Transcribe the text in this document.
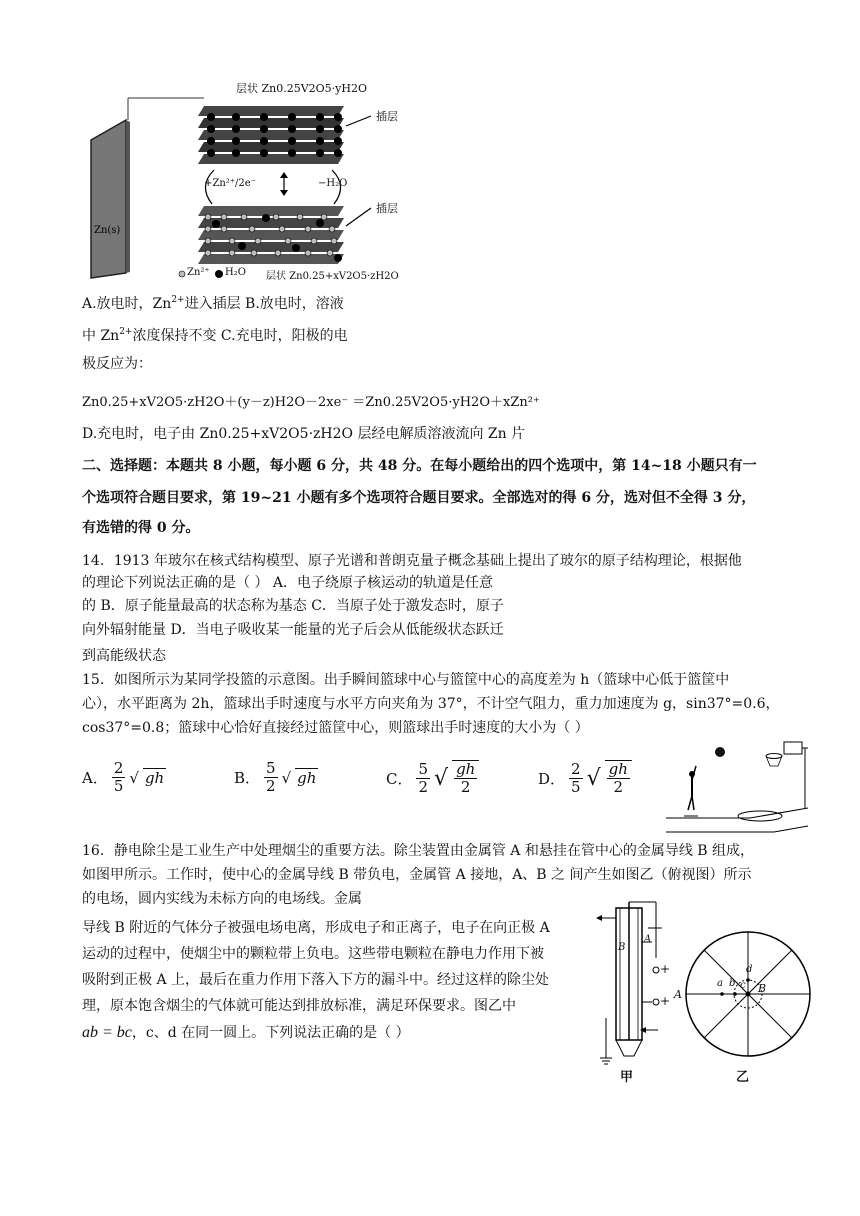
层状 Zn0.25V2O5·yH2O
插层
插层
Zn(s)
+Zn²⁺/2e⁻	−H₂O
Zn²⁺ H₂O 层状 Zn0.25+xV2O5·zH2O
A.放电时，$Zn^{2+}$进入插层 B.放电时，溶液
中 $Zn^{2+}$浓度保持不变 C.充电时，阳极的电
极反应为：
Zn0.25+xV2O5·zH2O＋(y－z)H2O－2xe⁻ ＝Zn0.25V2O5·yH2O＋xZn²⁺
D.充电时，电子由 Zn0.25+xV2O5·zH2O 层经电解质溶液流向 Zn 片
二、选择题：本题共 8 小题，每小题 6 分，共 48 分。在每小题给出的四个选项中，第 14~18 小题只有一
个选项符合题目要求，第 19~21 小题有多个选项符合题目要求。全部选对的得 6 分，选对但不全得 3 分，
有选错的得 0 分。
14．1913 年玻尔在核式结构模型、原子光谱和普朗克量子概念基础上提出了玻尔的原子结构理论，根据他
的理论下列说法正确的是（ ） A．电子绕原子核运动的轨道是任意
的 B．原子能量最高的状态称为基态 C．当原子处于激发态时，原子
向外辐射能量 D．当电子吸收某一能量的光子后会从低能级状态跃迁
到高能级状态
15．如图所示为某同学投篮的示意图。出手瞬间篮球中心与篮筐中心的高度差为 h（篮球中心低于篮筐中
心），水平距离为 2h，篮球出手时速度与水平方向夹角为 37°，不计空气阻力，重力加速度为 g，sin37°=0.6，
cos37°=0.8；篮球中心恰好直接经过篮筐中心，则篮球出手时速度的大小为（ ）
A． $\frac{2}{5}$ √ gh	B． $\frac{5}{2}$ √ gh	C． $\frac{5}{2}$ √ $\frac{gh}{2}$	D． $\frac{2}{5}$ √ $\frac{gh}{2}$
16．静电除尘是工业生产中处理烟尘的重要方法。除尘装置由金属管 A 和悬挂在管中心的金属导线 B 组成，
如图甲所示。工作时，使中心的金属导线 B 带负电，金属管 A 接地，A、B 之 间产生如图乙（俯视图）所示
的电场，圆内实线为未标方向的电场线。金属
导线 B 附近的气体分子被强电场电离，形成电子和正离子，电子在向正极 A
运动的过程中，使烟尘中的颗粒带上负电。这些带电颗粒在静电力作用下被
吸附到正极 A 上，最后在重力作用下落入下方的漏斗中。经过这样的除尘处
理，原本饱含烟尘的气体就可能达到排放标准，满足环保要求。图乙中
ab = bc，c、d 在同一圆上。下列说法正确的是（ ）
甲	乙
B
A
+
+ A
a b c
d
B
